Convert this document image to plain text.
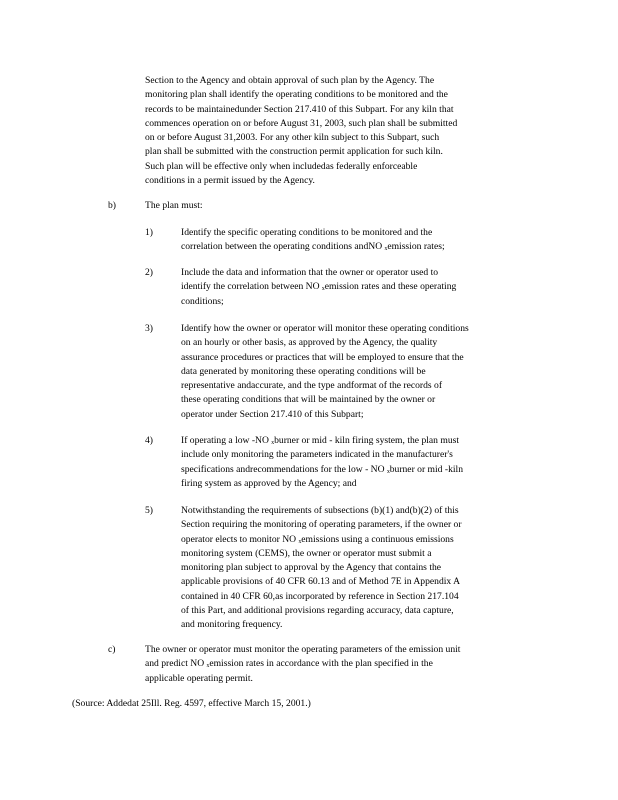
Section to the Agency and obtain approval of such plan by the Agency. The
monitoring plan shall identify the operating conditions to be monitored and the
records to be maintainedunder Section 217.410 of this Subpart. For any kiln that
commences operation on or before August 31, 2003, such plan shall be submitted
on or before August 31,2003. For any other kiln subject to this Subpart, such
plan shall be submitted with the construction permit application for such kiln.
Such plan will be effective only when includedas federally enforceable
conditions in a permit issued by the Agency.
b)	The plan must:
1)	Identify the specific operating conditions to be monitored and the
correlation between the operating conditions andNO ₓemission rates;
2)	Include the data and information that the owner or operator used to
identify the correlation between NO ₓemission rates and these operating
conditions;
3)	Identify how the owner or operator will monitor these operating conditions
on an hourly or other basis, as approved by the Agency, the quality
assurance procedures or practices that will be employed to ensure that the
data generated by monitoring these operating conditions will be
representative andaccurate, and the type andformat of the records of
these operating conditions that will be maintained by the owner or
operator under Section 217.410 of this Subpart;
4)	If operating a low -NO ₓburner or mid - kiln firing system, the plan must
include only monitoring the parameters indicated in the manufacturer's
specifications andrecommendations for the low - NO ₓburner or mid -kiln
firing system as approved by the Agency; and
5)	Notwithstanding the requirements of subsections (b)(1) and(b)(2) of this
Section requiring the monitoring of operating parameters, if the owner or
operator elects to monitor NO ₓemissions using a continuous emissions
monitoring system (CEMS), the owner or operator must submit a
monitoring plan subject to approval by the Agency that contains the
applicable provisions of 40 CFR 60.13 and of Method 7E in Appendix A
contained in 40 CFR 60,as incorporated by reference in Section 217.104
of this Part, and additional provisions regarding accuracy, data capture,
and monitoring frequency.
c)	The owner or operator must monitor the operating parameters of the emission unit
and predict NO ₓemission rates in accordance with the plan specified in the
applicable operating permit.
(Source: Addedat 25Ill. Reg. 4597, effective March 15, 2001.)
